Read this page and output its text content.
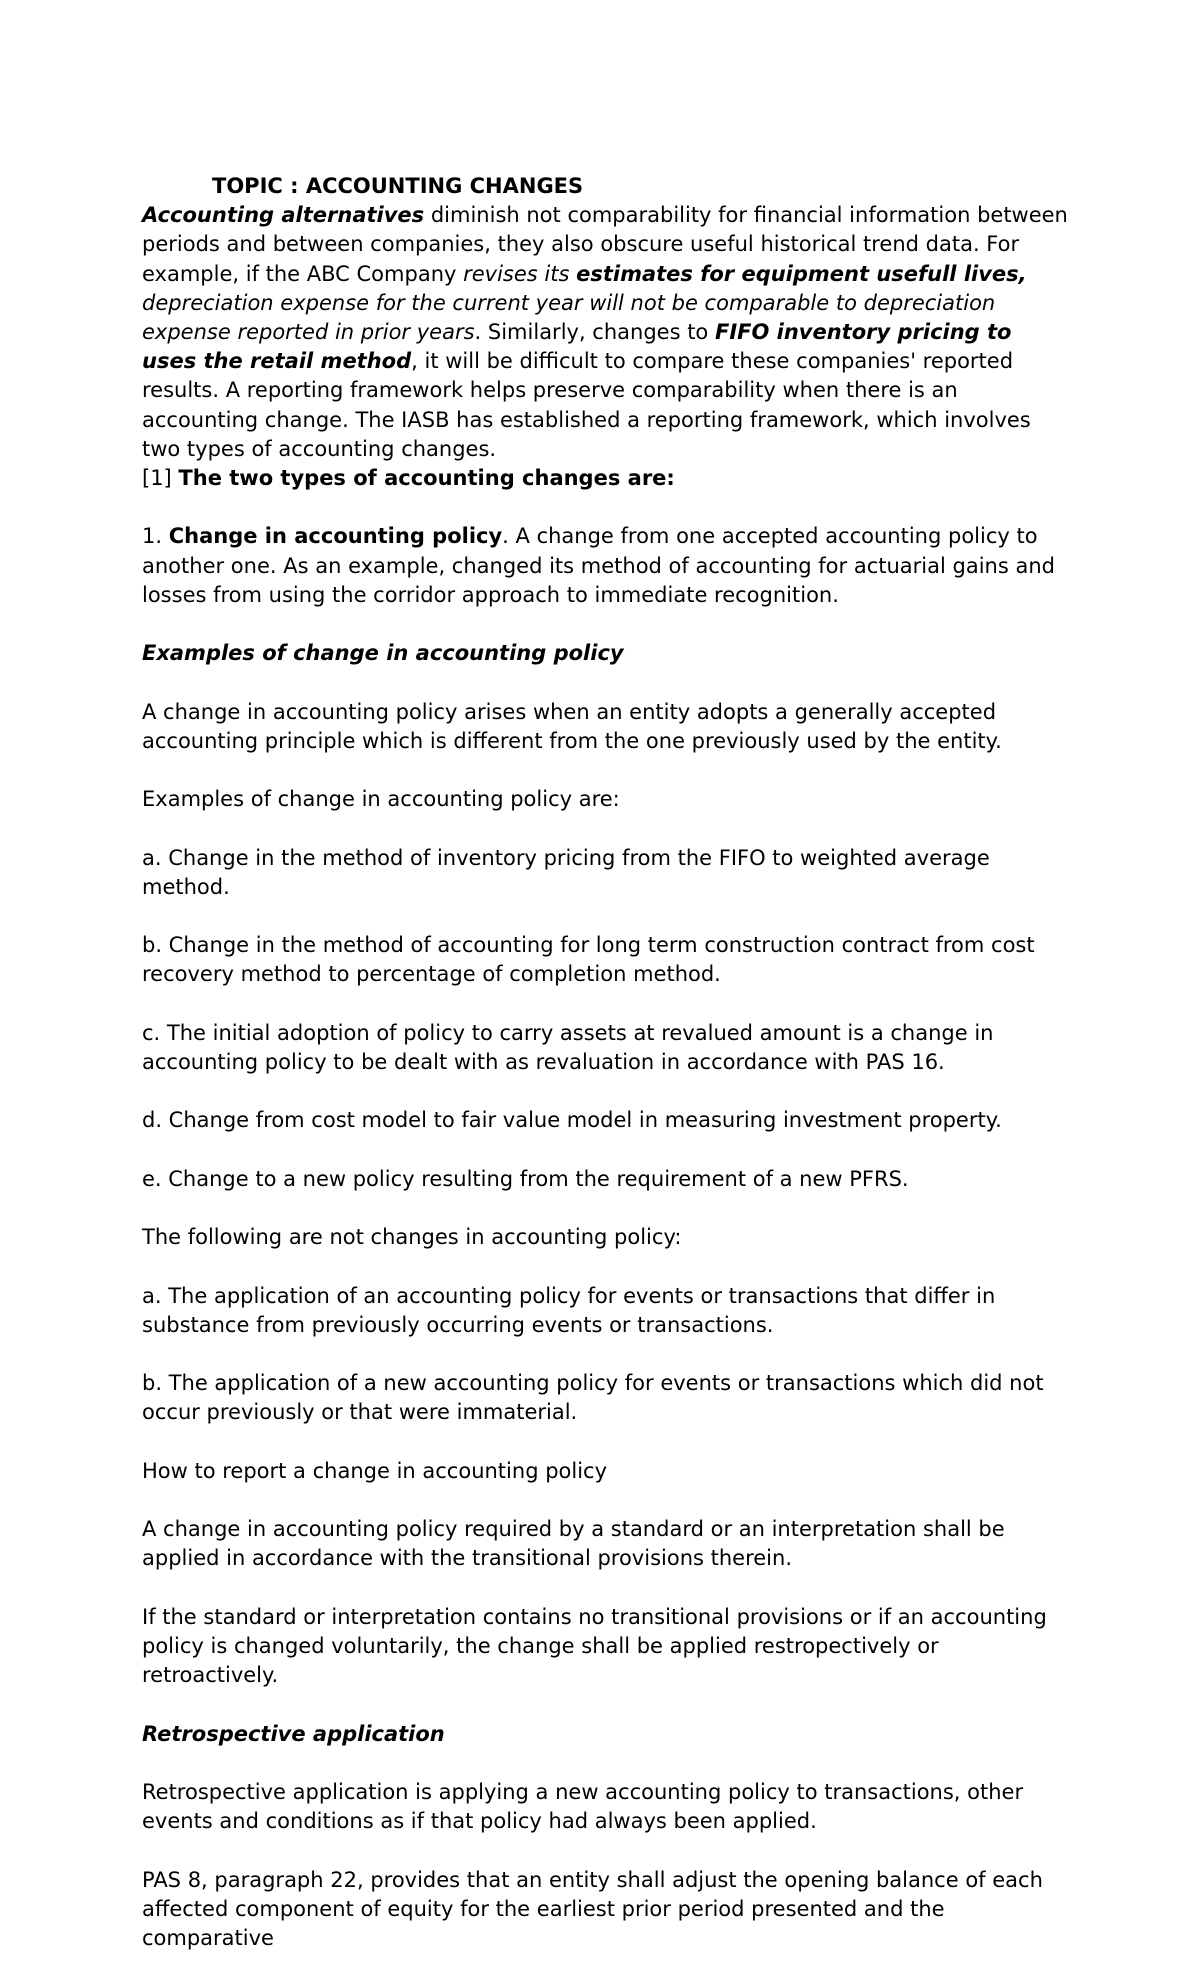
TOPIC : ACCOUNTING CHANGES

Accounting alternatives diminish not comparability for financial information between periods and between companies, they also obscure useful historical trend data. For example, if the ABC Company revises its estimates for equipment usefull lives, depreciation expense for the current year will not be comparable to depreciation expense reported in prior years. Similarly, changes to FIFO inventory pricing to uses the retail method, it will be difficult to compare these companies' reported results. A reporting framework helps preserve comparability when there is an accounting change. The IASB has established a reporting framework, which involves two types of accounting changes.

[1] The two types of accounting changes are:

1. Change in accounting policy. A change from one accepted accounting policy to another one. As an example, changed its method of accounting for actuarial gains and losses from using the corridor approach to immediate recognition.

Examples of change in accounting policy

A change in accounting policy arises when an entity adopts a generally accepted accounting principle which is different from the one previously used by the entity.

Examples of change in accounting policy are:

a. Change in the method of inventory pricing from the FIFO to weighted average method.

b. Change in the method of accounting for long term construction contract from cost recovery method to percentage of completion method.

c. The initial adoption of policy to carry assets at revalued amount is a change in accounting policy to be dealt with as revaluation in accordance with PAS 16.

d. Change from cost model to fair value model in measuring investment property.

e. Change to a new policy resulting from the requirement of a new PFRS.

The following are not changes in accounting policy:

a. The application of an accounting policy for events or transactions that differ in substance from previously occurring events or transactions.

b. The application of a new accounting policy for events or transactions which did not occur previously or that were immaterial.

How to report a change in accounting policy

A change in accounting policy required by a standard or an interpretation shall be applied in accordance with the transitional provisions therein.

If the standard or interpretation contains no transitional provisions or if an accounting policy is changed voluntarily, the change shall be applied restropectively or retroactively.

Retrospective application

Retrospective application is applying a new accounting policy to transactions, other events and conditions as if that policy had always been applied.

PAS 8, paragraph 22, provides that an entity shall adjust the opening balance of each affected component of equity for the earliest prior period presented and the comparative
